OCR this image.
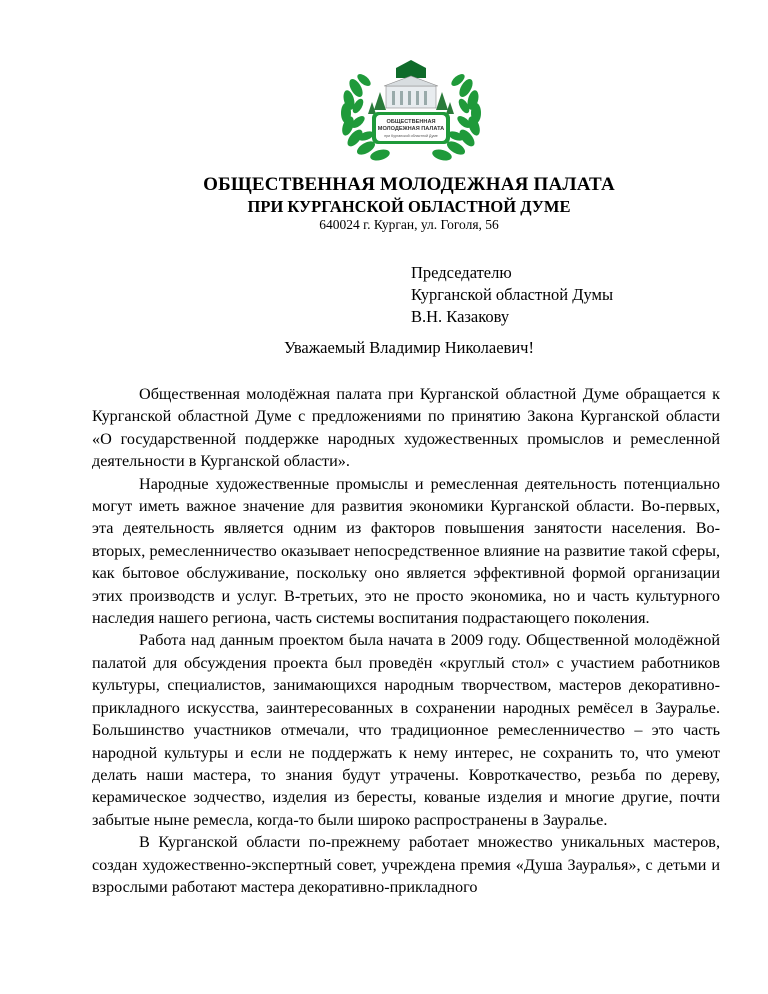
ОБЩЕСТВЕННАЯ
МОЛОДЕЖНАЯ ПАЛАТА
при Курганской областной Думе
ОБЩЕСТВЕННАЯ МОЛОДЕЖНАЯ ПАЛАТА
ПРИ КУРГАНСКОЙ ОБЛАСТНОЙ ДУМЕ
640024 г. Курган, ул. Гоголя, 56
Председателю
Курганской областной Думы
В.Н. Казакову
Уважаемый Владимир Николаевич!

Общественная молодёжная палата при Курганской областной Думе обращается к Курганской областной Думе с предложениями по принятию Закона Курганской области «О государственной поддержке народных художественных промыслов и ремесленной деятельности в Курганской области».

Народные художественные промыслы и ремесленная деятельность потенциально могут иметь важное значение для развития экономики Курганской области. Во-первых, эта деятельность является одним из факторов повышения занятости населения. Во-вторых, ремесленничество оказывает непосредственное влияние на развитие такой сферы, как бытовое обслуживание, поскольку оно является эффективной формой организации этих производств и услуг. В-третьих, это не просто экономика, но и часть культурного наследия нашего региона, часть системы воспитания подрастающего поколения.

Работа над данным проектом была начата в 2009 году. Общественной молодёжной палатой для обсуждения проекта был проведён «круглый стол» с участием работников культуры, специалистов, занимающихся народным творчеством, мастеров декоративно-прикладного искусства, заинтересованных в сохранении народных ремёсел в Зауралье. Большинство участников отмечали, что традиционное ремесленничество – это часть народной культуры и если не поддержать к нему интерес, не сохранить то, что умеют делать наши мастера, то знания будут утрачены. Ковроткачество, резьба по дереву, керамическое зодчество, изделия из бересты, кованые изделия и многие другие, почти забытые ныне ремесла, когда-то были широко распространены в Зауралье.

В Курганской области по-прежнему работает множество уникальных мастеров, создан художественно-экспертный совет, учреждена премия «Душа Зауралья», с детьми и взрослыми работают мастера декоративно-прикладного
